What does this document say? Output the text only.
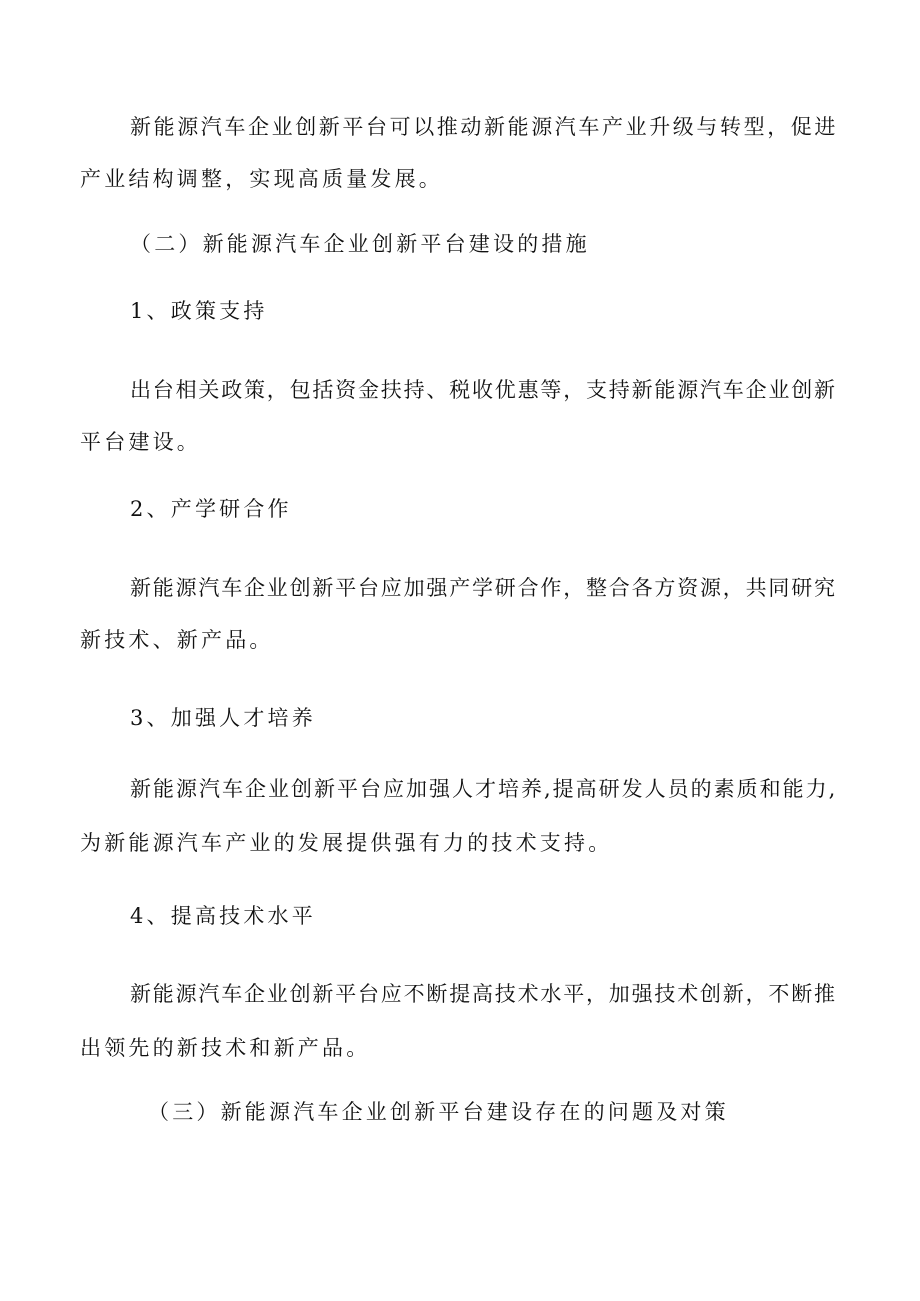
新能源汽车企业创新平台可以推动新能源汽车产业升级与转型，促进

产业结构调整，实现高质量发展。

（二）新能源汽车企业创新平台建设的措施

1、政策支持

出台相关政策，包括资金扶持、税收优惠等，支持新能源汽车企业创新

平台建设。

2、产学研合作

新能源汽车企业创新平台应加强产学研合作，整合各方资源，共同研究

新技术、新产品。

3、加强人才培养

新能源汽车企业创新平台应加强人才培养,提高研发人员的素质和能力,

为新能源汽车产业的发展提供强有力的技术支持。

4、提高技术水平

新能源汽车企业创新平台应不断提高技术水平，加强技术创新，不断推

出领先的新技术和新产品。

（三）新能源汽车企业创新平台建设存在的问题及对策
